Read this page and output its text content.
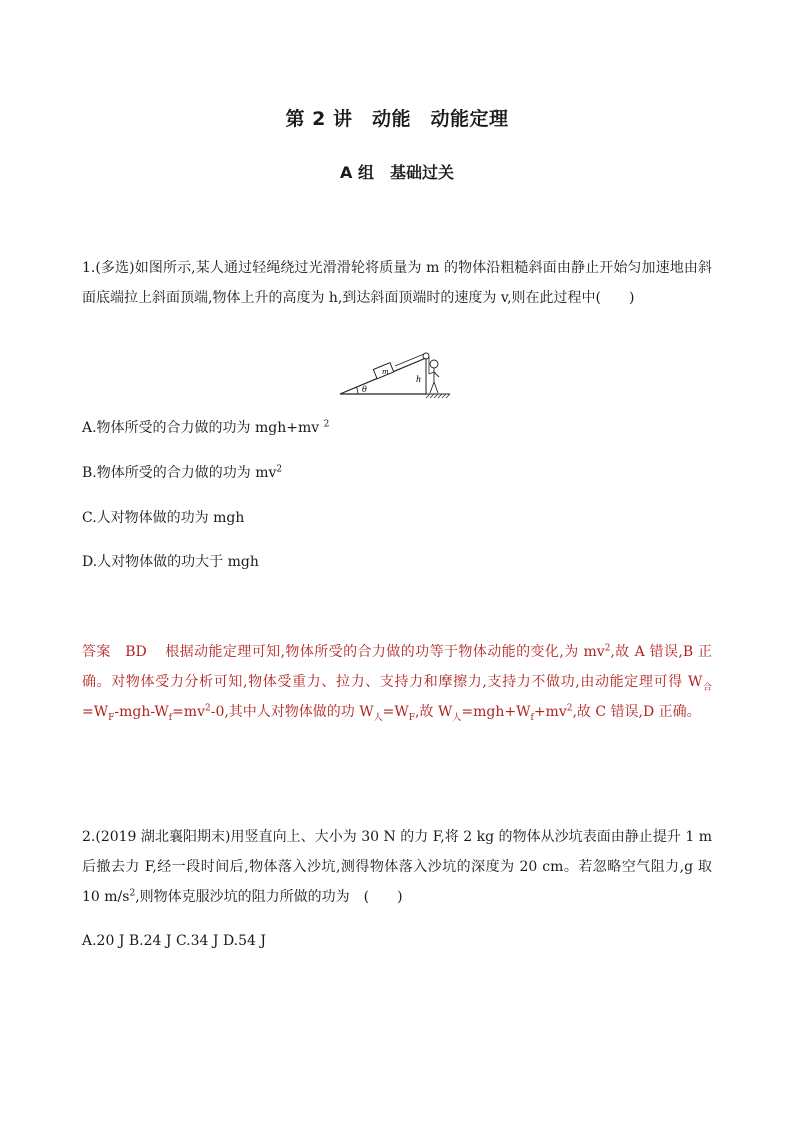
第 2 讲　动能　动能定理
A 组　基础过关
1.(多选)如图所示,某人通过轻绳绕过光滑滑轮将质量为 m 的物体沿粗糙斜面由静止开始匀加速地由斜面底端拉上斜面顶端,物体上升的高度为 h,到达斜面顶端时的速度为 v,则在此过程中(　　)
θ
m
h
A.物体所受的合力做的功为 mgh+mv $^2$
B.物体所受的合力做的功为 $mv^2$
C.人对物体做的功为 mgh
D.人对物体做的功大于 mgh
答案　BD 根据动能定理可知,物体所受的合力做的功等于物体动能的变化,为 $mv^2$,故 A 错误,B 正确。对物体受力分析可知,物体受重力、拉力、支持力和摩擦力,支持力不做功,由动能定理可得 $W_合=W_F-mgh-W_f=mv^2-0$,其中人对物体做的功 $W_人=W_F$,故 $W_人=mgh+W_f+mv^2$,故 C 错误,D 正确。
2.(2019 湖北襄阳期末)用竖直向上、大小为 30 N 的力 F,将 2 kg 的物体从沙坑表面由静止提升 1 m 后撤去力 F,经一段时间后,物体落入沙坑,测得物体落入沙坑的深度为 20 cm。若忽略空气阻力,g 取 10 $m/s^2$,则物体克服沙坑的阻力所做的功为　(　　)
A.20 J B.24 J C.34 J D.54 J
